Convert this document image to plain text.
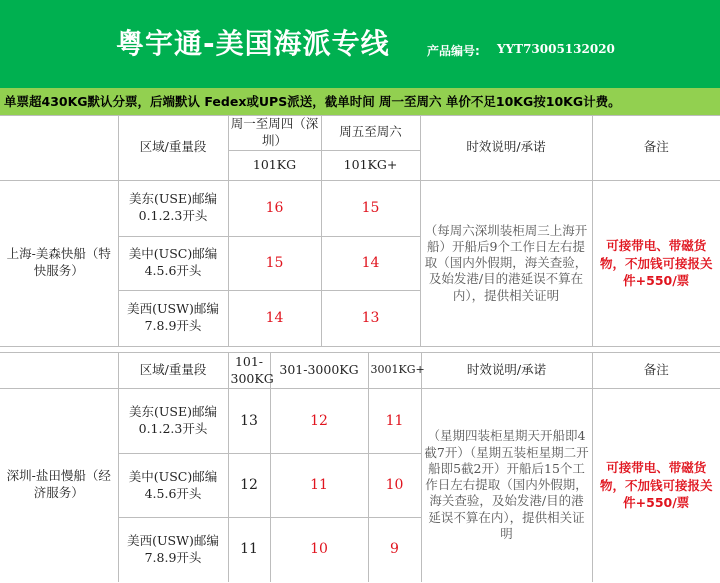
粤宇通-美国海派专线	产品编号: YYT73005132020
单票超430KG默认分票，后端默认 Fedex或UPS派送，截单时间 周一至周六 单价不足10KG按10KG计费。
	区域/重量段	周一至周四（深圳）	周五至周六	时效说明/承诺	备注
		101KG	101KG+		
上海-美森快船（特快服务）	美东(USE)邮编0.1.2.3开头	16	15	（每周六深圳装柜周三上海开船）开船后9个工作日左右提取（国内外假期，海关查验，及始发港/目的港延误不算在内），提供相关证明	可接带电、带磁货物，不加钱可接报关件+550/票
	美中(USC)邮编4.5.6开头	15	14		
	美西(USW)邮编7.8.9开头	14	13		
	区域/重量段	101-300KG	301-3000KG	3001KG+	时效说明/承诺	备注
深圳-盐田慢船（经济服务）	美东(USE)邮编0.1.2.3开头	13	12	11	（星期四装柜星期天开船即4截7开）（星期五装柜星期二开船即5截2开）开船后15个工作日左右提取（国内外假期，海关查验，及始发港/目的港延误不算在内），提供相关证明	可接带电、带磁货物，不加钱可接报关件+550/票
	美中(USC)邮编4.5.6开头	12	11	10		
	美西(USW)邮编7.8.9开头	11	10	9		
